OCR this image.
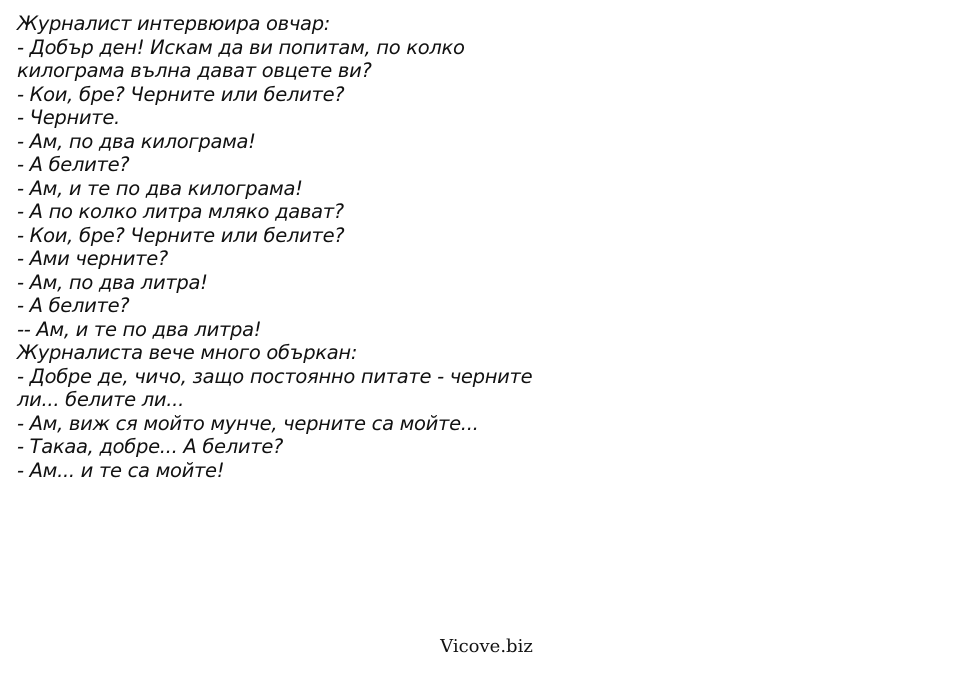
Журналист интервюира овчар:
- Добър ден! Искам да ви попитам, по колко
килограма вълна дават овцете ви?
- Кои, бре? Черните или белите?
- Черните.
- Ам, по два килограма!
- А белите?
- Ам, и те по два килограма!
- А по колко литра мляко дават?
- Кои, бре? Черните или белите?
- Ами черните?
- Ам, по два литра!
- А белите?
-- Ам, и те по два литра!
Журналиста вече много объркан:
- Добре де, чичо, защо постоянно питате - черните
ли... белите ли...
- Ам, виж ся мойто мунче, черните са мойте...
- Такаа, добре... А белите?
- Ам... и те са мойте!
Vicove.biz
